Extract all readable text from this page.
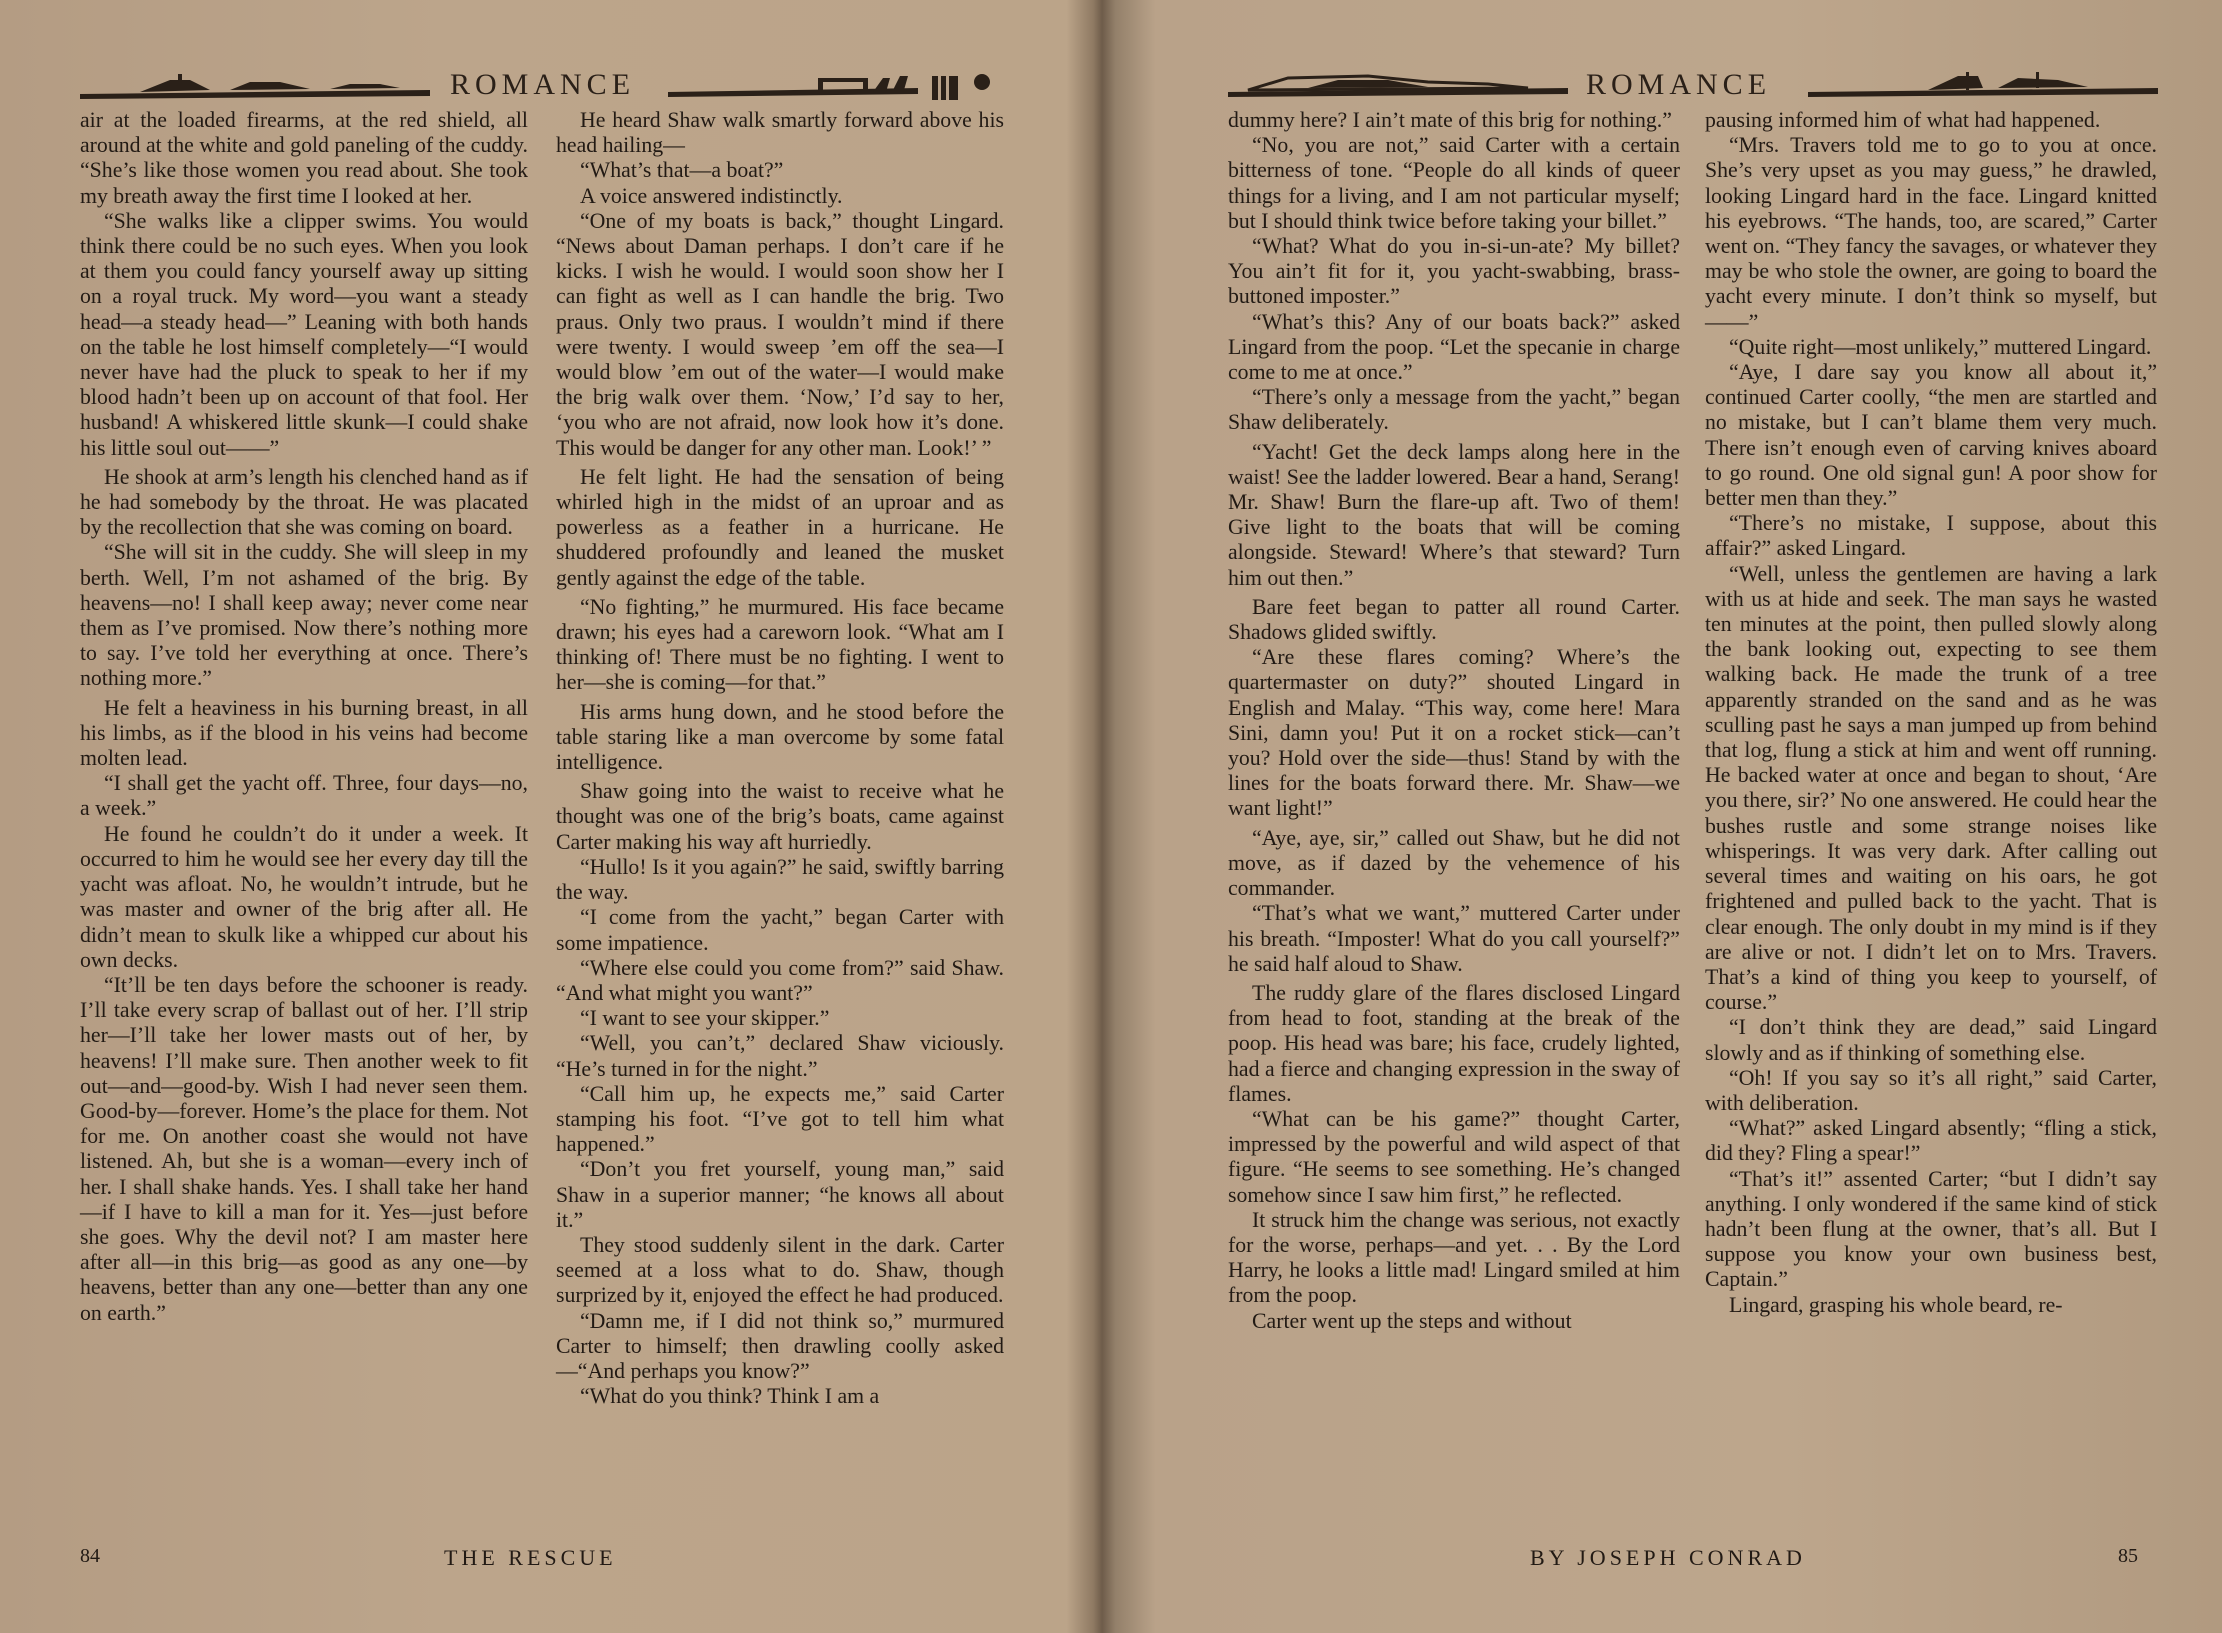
ROMANCE

air at the loaded firearms, at the red shield, all around at the white and gold paneling of the cuddy. “She’s like those women you read about. She took my breath away the first time I looked at her.

“She walks like a clipper swims. You would think there could be no such eyes. When you look at them you could fancy yourself away up sitting on a royal truck. My word—you want a steady head—a steady head—” Leaning with both hands on the table he lost himself completely—“I would never have had the pluck to speak to her if my blood hadn’t been up on account of that fool. Her husband! A whiskered little skunk—I could shake his little soul out——”

He shook at arm’s length his clenched hand as if he had somebody by the throat. He was placated by the recollection that she was coming on board.

“She will sit in the cuddy. She will sleep in my berth. Well, I’m not ashamed of the brig. By heavens—no! I shall keep away; never come near them as I’ve promised. Now there’s nothing more to say. I’ve told her everything at once. There’s nothing more.”

He felt a heaviness in his burning breast, in all his limbs, as if the blood in his veins had become molten lead.

“I shall get the yacht off. Three, four days—no, a week.”

He found he couldn’t do it under a week. It occurred to him he would see her every day till the yacht was afloat. No, he wouldn’t intrude, but he was master and owner of the brig after all. He didn’t mean to skulk like a whipped cur about his own decks.

“It’ll be ten days before the schooner is ready. I’ll take every scrap of ballast out of her. I’ll strip her—I’ll take her lower masts out of her, by heavens! I’ll make sure. Then another week to fit out—and—good-by. Wish I had never seen them. Good-by—forever. Home’s the place for them. Not for me. On another coast she would not have listened. Ah, but she is a woman—every inch of her. I shall shake hands. Yes. I shall take her hand—if I have to kill a man for it. Yes—just before she goes. Why the devil not? I am master here after all—in this brig—as good as any one—by heavens, better than any one—better than any one on earth.”

He heard Shaw walk smartly forward above his head hailing—

“What’s that—a boat?”

A voice answered indistinctly.

“One of my boats is back,” thought Lingard. “News about Daman perhaps. I don’t care if he kicks. I wish he would. I would soon show her I can fight as well as I can handle the brig. Two praus. Only two praus. I wouldn’t mind if there were twenty. I would sweep ’em off the sea—I would blow ’em out of the water—I would make the brig walk over them. ‘Now,’ I’d say to her, ‘you who are not afraid, now look how it’s done. This would be danger for any other man. Look!’ ”

He felt light. He had the sensation of being whirled high in the midst of an uproar and as powerless as a feather in a hurricane. He shuddered profoundly and leaned the musket gently against the edge of the table.

“No fighting,” he murmured. His face became drawn; his eyes had a careworn look. “What am I thinking of! There must be no fighting. I went to her—she is coming—for that.”

His arms hung down, and he stood before the table staring like a man overcome by some fatal intelligence.

Shaw going into the waist to receive what he thought was one of the brig’s boats, came against Carter making his way aft hurriedly.

“Hullo! Is it you again?” he said, swiftly barring the way.

“I come from the yacht,” began Carter with some impatience.

“Where else could you come from?” said Shaw. “And what might you want?”

“I want to see your skipper.”

“Well, you can’t,” declared Shaw viciously. “He’s turned in for the night.”

“Call him up, he expects me,” said Carter stamping his foot. “I’ve got to tell him what happened.”

“Don’t you fret yourself, young man,” said Shaw in a superior manner; “he knows all about it.”

They stood suddenly silent in the dark. Carter seemed at a loss what to do. Shaw, though surprized by it, enjoyed the effect he had produced.

“Damn me, if I did not think so,” murmured Carter to himself; then drawling coolly asked—“And perhaps you know?”

“What do you think? Think I am a

84	THE RESCUE
ROMANCE

dummy here? I ain’t mate of this brig for nothing.”

“No, you are not,” said Carter with a certain bitterness of tone. “People do all kinds of queer things for a living, and I am not particular myself; but I should think twice before taking your billet.”

“What? What do you in-si-un-ate? My billet? You ain’t fit for it, you yacht-swabbing, brass-buttoned imposter.”

“What’s this? Any of our boats back?” asked Lingard from the poop. “Let the specanie in charge come to me at once.”

“There’s only a message from the yacht,” began Shaw deliberately.

“Yacht! Get the deck lamps along here in the waist! See the ladder lowered. Bear a hand, Serang! Mr. Shaw! Burn the flare-up aft. Two of them! Give light to the boats that will be coming alongside. Steward! Where’s that steward? Turn him out then.”

Bare feet began to patter all round Carter. Shadows glided swiftly.

“Are these flares coming? Where’s the quartermaster on duty?” shouted Lingard in English and Malay. “This way, come here! Mara Sini, damn you! Put it on a rocket stick—can’t you? Hold over the side—thus! Stand by with the lines for the boats forward there. Mr. Shaw—we want light!”

“Aye, aye, sir,” called out Shaw, but he did not move, as if dazed by the vehemence of his commander.

“That’s what we want,” muttered Carter under his breath. “Imposter! What do you call yourself?” he said half aloud to Shaw.

The ruddy glare of the flares disclosed Lingard from head to foot, standing at the break of the poop. His head was bare; his face, crudely lighted, had a fierce and changing expression in the sway of flames.

“What can be his game?” thought Carter, impressed by the powerful and wild aspect of that figure. “He seems to see something. He’s changed somehow since I saw him first,” he reflected.

It struck him the change was serious, not exactly for the worse, perhaps—and yet. . . By the Lord Harry, he looks a little mad! Lingard smiled at him from the poop.

Carter went up the steps and without

pausing informed him of what had happened.

“Mrs. Travers told me to go to you at once. She’s very upset as you may guess,” he drawled, looking Lingard hard in the face. Lingard knitted his eyebrows. “The hands, too, are scared,” Carter went on. “They fancy the savages, or whatever they may be who stole the owner, are going to board the yacht every minute. I don’t think so myself, but——”

“Quite right—most unlikely,” muttered Lingard.

“Aye, I dare say you know all about it,” continued Carter coolly, “the men are startled and no mistake, but I can’t blame them very much. There isn’t enough even of carving knives aboard to go round. One old signal gun! A poor show for better men than they.”

“There’s no mistake, I suppose, about this affair?” asked Lingard.

“Well, unless the gentlemen are having a lark with us at hide and seek. The man says he wasted ten minutes at the point, then pulled slowly along the bank looking out, expecting to see them walking back. He made the trunk of a tree apparently stranded on the sand and as he was sculling past he says a man jumped up from behind that log, flung a stick at him and went off running. He backed water at once and began to shout, ‘Are you there, sir?’ No one answered. He could hear the bushes rustle and some strange noises like whisperings. It was very dark. After calling out several times and waiting on his oars, he got frightened and pulled back to the yacht. That is clear enough. The only doubt in my mind is if they are alive or not. I didn’t let on to Mrs. Travers. That’s a kind of thing you keep to yourself, of course.”

“I don’t think they are dead,” said Lingard slowly and as if thinking of something else.

“Oh! If you say so it’s all right,” said Carter, with deliberation.

“What?” asked Lingard absently; “fling a stick, did they? Fling a spear!”

“That’s it!” assented Carter; “but I didn’t say anything. I only wondered if the same kind of stick hadn’t been flung at the owner, that’s all. But I suppose you know your own business best, Captain.”

Lingard, grasping his whole beard, re-

BY JOSEPH CONRAD	85
